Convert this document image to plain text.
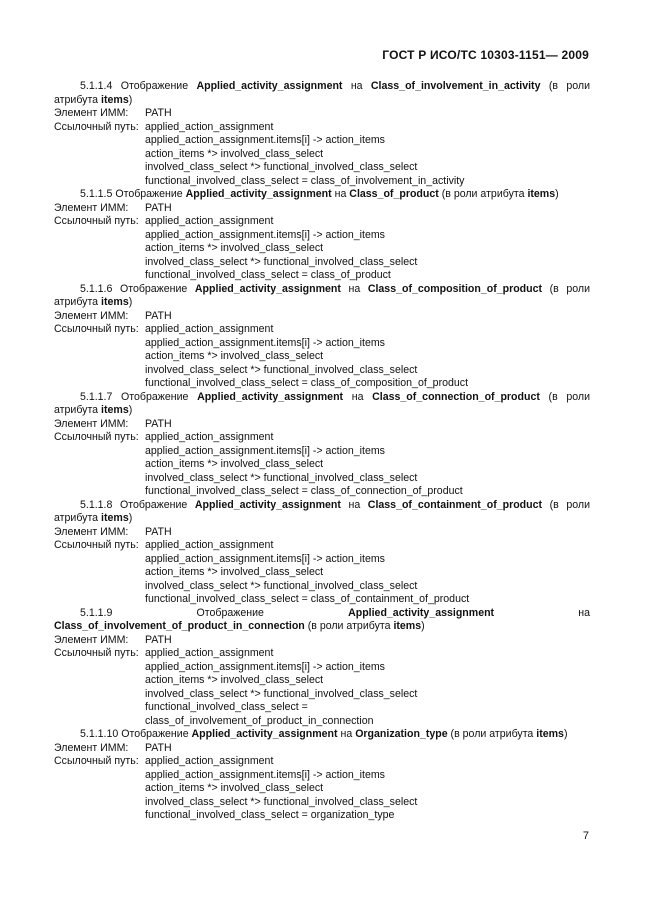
ГОСТ Р ИСО/ТС 10303-1151— 2009
5.1.1.4 Отображение Applied_activity_assignment на Class_of_involvement_in_activity (в роли атрибута items)
Элемент ИММ: PATH
Ссылочный путь: applied_action_assignment
applied_action_assignment.items[i] -> action_items
action_items *> involved_class_select
involved_class_select *> functional_involved_class_select
functional_involved_class_select = class_of_involvement_in_activity
5.1.1.5 Отображение Applied_activity_assignment на Class_of_product (в роли атрибута items)
Элемент ИММ: PATH
Ссылочный путь: applied_action_assignment
applied_action_assignment.items[i] -> action_items
action_items *> involved_class_select
involved_class_select *> functional_involved_class_select
functional_involved_class_select = class_of_product
5.1.1.6 Отображение Applied_activity_assignment на Class_of_composition_of_product (в роли атрибута items)
Элемент ИММ: PATH
Ссылочный путь: applied_action_assignment
applied_action_assignment.items[i] -> action_items
action_items *> involved_class_select
involved_class_select *> functional_involved_class_select
functional_involved_class_select = class_of_composition_of_product
5.1.1.7 Отображение Applied_activity_assignment на Class_of_connection_of_product (в роли атрибута items)
Элемент ИММ: PATH
Ссылочный путь: applied_action_assignment
applied_action_assignment.items[i] -> action_items
action_items *> involved_class_select
involved_class_select *> functional_involved_class_select
functional_involved_class_select = class_of_connection_of_product
5.1.1.8 Отображение Applied_activity_assignment на Class_of_containment_of_product (в роли атрибута items)
Элемент ИММ: PATH
Ссылочный путь: applied_action_assignment
applied_action_assignment.items[i] -> action_items
action_items *> involved_class_select
involved_class_select *> functional_involved_class_select
functional_involved_class_select = class_of_containment_of_product
5.1.1.9 Отображение Applied_activity_assignment на Class_of_involvement_of_product_in_connection (в роли атрибута items)
Элемент ИММ: PATH
Ссылочный путь: applied_action_assignment
applied_action_assignment.items[i] -> action_items
action_items *> involved_class_select
involved_class_select *> functional_involved_class_select
functional_involved_class_select =
class_of_involvement_of_product_in_connection
5.1.1.10 Отображение Applied_activity_assignment на Organization_type (в роли атрибута items)
Элемент ИММ: PATH
Ссылочный путь: applied_action_assignment
applied_action_assignment.items[i] -> action_items
action_items *> involved_class_select
involved_class_select *> functional_involved_class_select
functional_involved_class_select = organization_type
7
